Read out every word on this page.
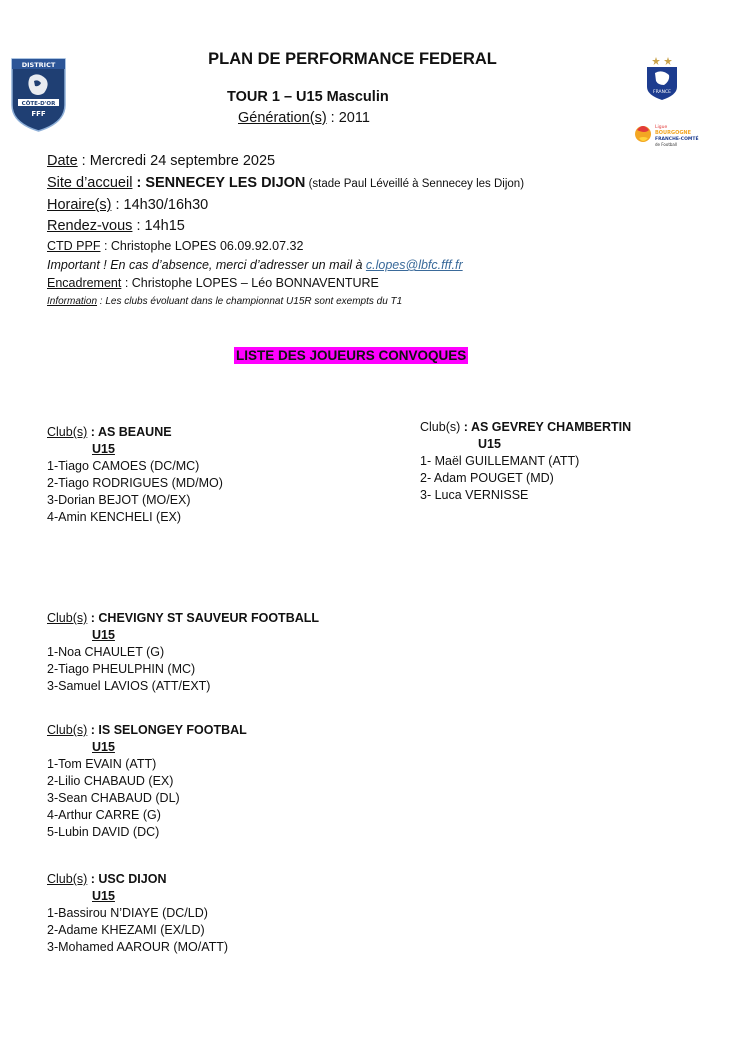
DISTRICT
CÔTE-D'OR
FFF
FRANCE
Ligue
BOURGOGNE
FRANCHE-COMTÉ
de Football
PLAN DE PERFORMANCE FEDERAL
TOUR 1 – U15 Masculin
Génération(s) : 2011
Date : Mercredi 24 septembre 2025
Site d’accueil : SENNECEY LES DIJON (stade Paul Léveillé à Sennecey les Dijon)
Horaire(s) : 14h30/16h30
Rendez-vous : 14h15
CTD PPF : Christophe LOPES 06.09.92.07.32
Important ! En cas d’absence, merci d’adresser un mail à c.lopes@lbfc.fff.fr
Encadrement : Christophe LOPES – Léo BONNAVENTURE
Information : Les clubs évoluant dans le championnat U15R sont exempts du T1
LISTE DES JOUEURS CONVOQUES
Club(s) : AS BEAUNE
U15
1-Tiago CAMOES (DC/MC)
2-Tiago RODRIGUES (MD/MO)
3-Dorian BEJOT (MO/EX)
4-Amin KENCHELI (EX)
Club(s) : AS GEVREY CHAMBERTIN
U15
1- Maël GUILLEMANT (ATT)
2- Adam POUGET (MD)
3- Luca VERNISSE
Club(s) : CHEVIGNY ST SAUVEUR FOOTBALL
U15
1-Noa CHAULET (G)
2-Tiago PHEULPHIN (MC)
3-Samuel LAVIOS (ATT/EXT)
Club(s) : IS SELONGEY FOOTBAL
U15
1-Tom EVAIN (ATT)
2-Lilio CHABAUD (EX)
3-Sean CHABAUD (DL)
4-Arthur CARRE (G)
5-Lubin DAVID (DC)
Club(s) : USC DIJON
U15
1-Bassirou N’DIAYE (DC/LD)
2-Adame KHEZAMI (EX/LD)
3-Mohamed AAROUR (MO/ATT)
